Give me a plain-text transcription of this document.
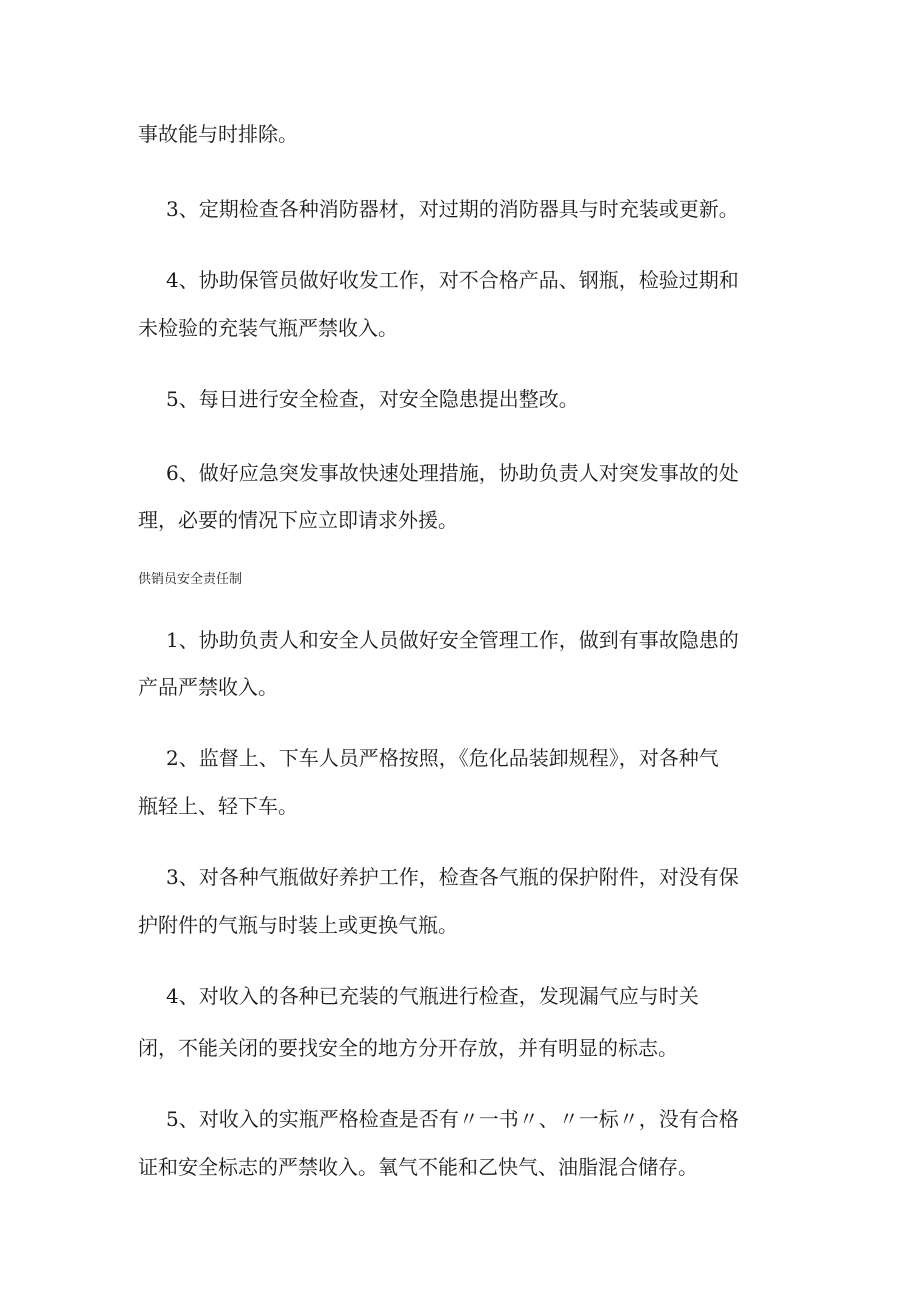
事故能与时排除。
3、定期检查各种消防器材，对过期的消防器具与时充装或更新。
4、协助保管员做好收发工作，对不合格产品、钢瓶，检验过期和
未检验的充装气瓶严禁收入。
5、每日进行安全检查，对安全隐患提出整改。
6、做好应急突发事故快速处理措施，协助负责人对突发事故的处
理，必要的情况下应立即请求外援。
供销员安全责任制
1、协助负责人和安全人员做好安全管理工作，做到有事故隐患的
产品严禁收入。
2、监督上、下车人员严格按照，《危化品装卸规程》，对各种气
瓶轻上、轻下车。
3、对各种气瓶做好养护工作，检查各气瓶的保护附件，对没有保
护附件的气瓶与时装上或更换气瓶。
4、对收入的各种已充装的气瓶进行检查，发现漏气应与时关
闭，不能关闭的要找安全的地方分开存放，并有明显的标志。
5、对收入的实瓶严格检查是否有〃一书〃、〃一标〃，没有合格
证和安全标志的严禁收入。氧气不能和乙快气、油脂混合储存。
